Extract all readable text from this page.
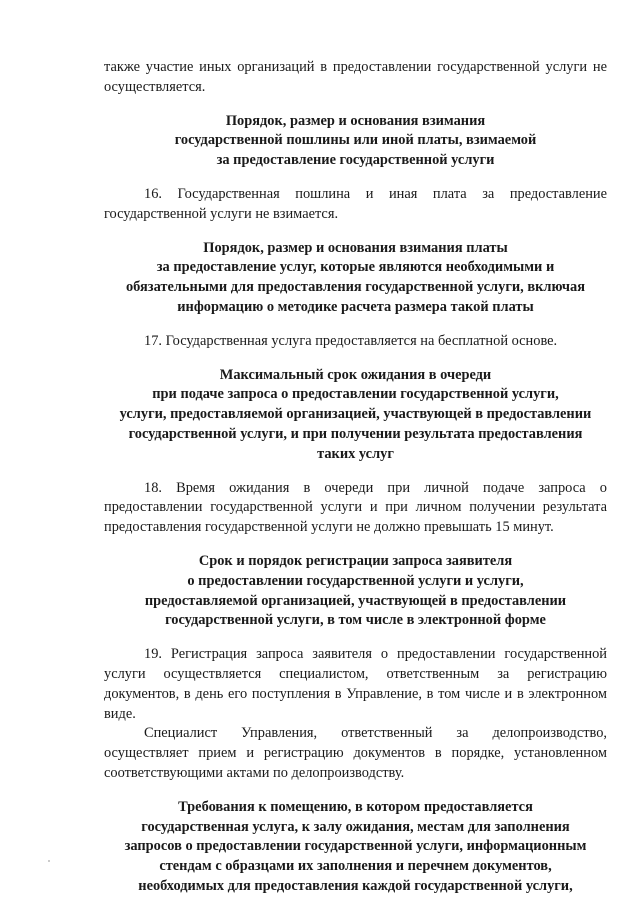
также участие иных организаций в предоставлении государственной услуги не осуществляется.

Порядок, размер и основания взимания
государственной пошлины или иной платы, взимаемой
за предоставление государственной услуги

16. Государственная пошлина и иная плата за предоставление государственной услуги не взимается.

Порядок, размер и основания взимания платы
за предоставление услуг, которые являются необходимыми и
обязательными для предоставления государственной услуги, включая
информацию о методике расчета размера такой платы

17. Государственная услуга предоставляется на бесплатной основе.

Максимальный срок ожидания в очереди
при подаче запроса о предоставлении государственной услуги,
услуги, предоставляемой организацией, участвующей в предоставлении
государственной услуги, и при получении результата предоставления
таких услуг

18. Время ожидания в очереди при личной подаче запроса о предоставлении государственной услуги и при личном получении результата предоставления государственной услуги не должно превышать 15 минут.

Срок и порядок регистрации запроса заявителя
о предоставлении государственной услуги и услуги,
предоставляемой организацией, участвующей в предоставлении
государственной услуги, в том числе в электронной форме

19. Регистрация запроса заявителя о предоставлении государственной услуги осуществляется специалистом, ответственным за регистрацию документов, в день его поступления в Управление, в том числе и в электронном виде.

Специалист Управления, ответственный за делопроизводство, осуществляет прием и регистрацию документов в порядке, установленном соответствующими актами по делопроизводству.

Требования к помещению, в котором предоставляется
государственная услуга, к залу ожидания, местам для заполнения
запросов о предоставлении государственной услуги, информационным
стендам с образцами их заполнения и перечнем документов,
необходимых для предоставления каждой государственной услуги,
